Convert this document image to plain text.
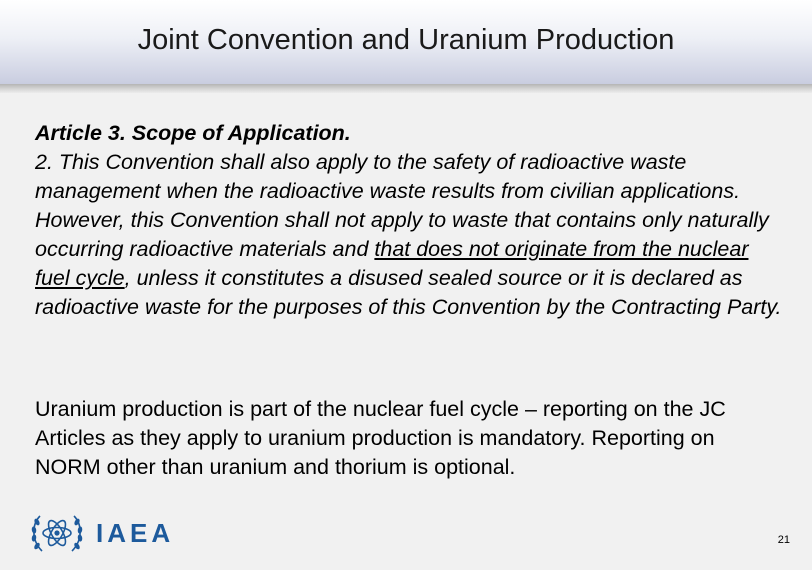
Joint Convention and Uranium Production
Article 3. Scope of Application.

2. This Convention shall also apply to the safety of radioactive waste management when the radioactive waste results from civilian applications. However, this Convention shall not apply to waste that contains only naturally occurring radioactive materials and that does not originate from the nuclear fuel cycle, unless it constitutes a disused sealed source or it is declared as radioactive waste for the purposes of this Convention by the Contracting Party.

Uranium production is part of the nuclear fuel cycle – reporting on the JC Articles as they apply to uranium production is mandatory. Reporting on NORM other than uranium and thorium is optional.

IAEA	21
